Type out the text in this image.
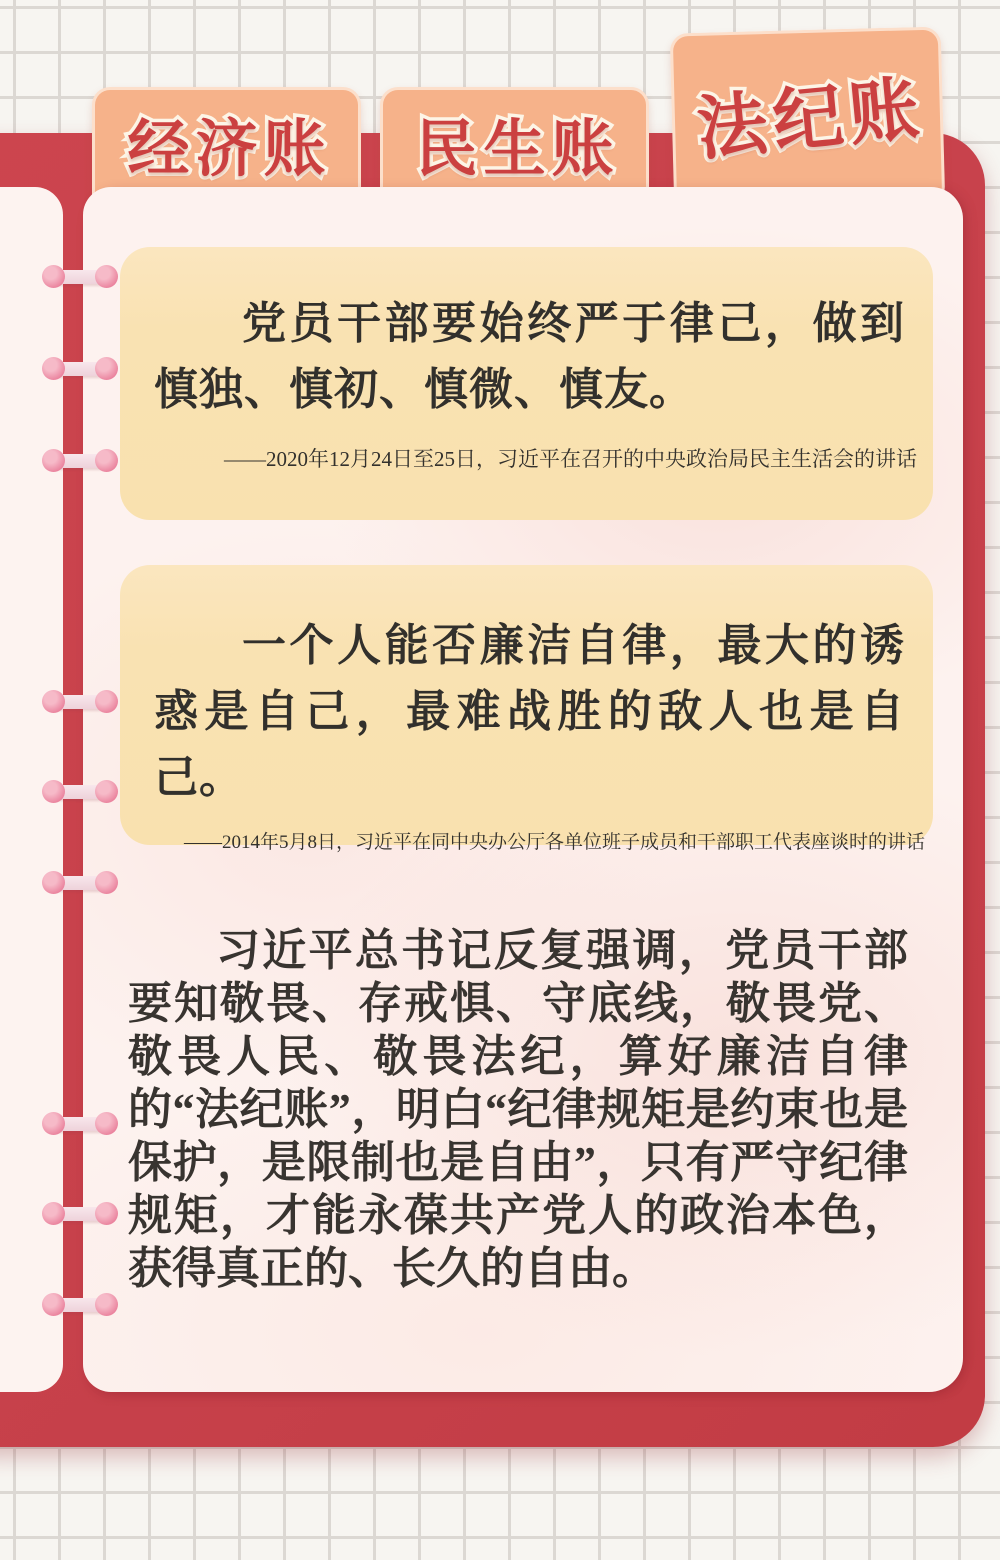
经济账 民生账 法纪账

党员干部要始终严于律己，做到慎独、慎初、慎微、慎友。

——2020年12月24日至25日，习近平在召开的中央政治局民主生活会的讲话

一个人能否廉洁自律，最大的诱惑是自己，最难战胜的敌人也是自己。

——2014年5月8日，习近平在同中央办公厅各单位班子成员和干部职工代表座谈时的讲话

习近平总书记反复强调，党员干部要知敬畏、存戒惧、守底线，敬畏党、敬畏人民、敬畏法纪，算好廉洁自律的“法纪账”，明白“纪律规矩是约束也是保护，是限制也是自由”，只有严守纪律规矩，才能永葆共产党人的政治本色，获得真正的、长久的自由。
